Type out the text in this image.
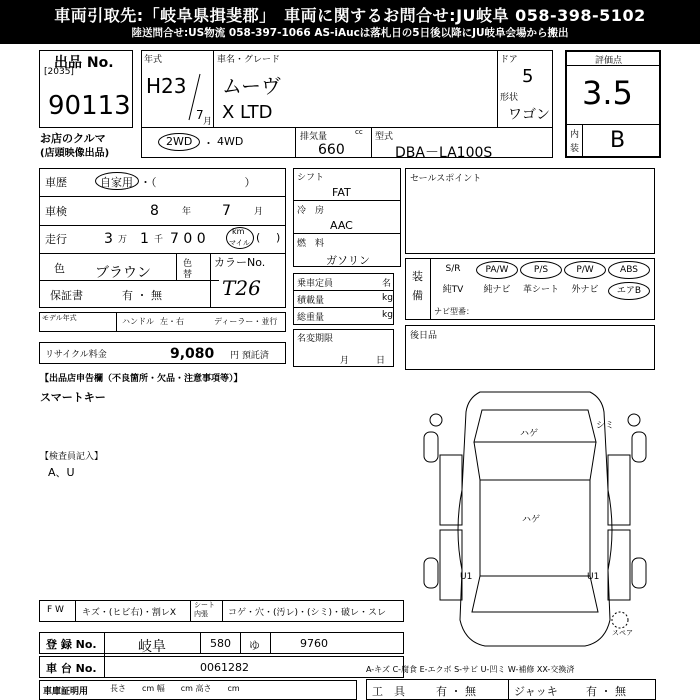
車両引取先:「岐阜県揖斐郡」　車両に関するお問合せ:JU岐阜 058-398-5102
陸送問合せ:US物流 058-397-1066 AS-iAucは落札日の5日後以降にJU岐阜会場から搬出
出品 No.
[2035]
90113
お店のクルマ
(店頭映像出品)
年式
H23
7 月
車名・グレード
ムーヴ
X LTD
ドア
5
形状
ワゴン
2WD ・ 4WD	排気量	cc
660
型式
DBA－LA100S
評価点
3.5
内
装 B
車歴	自家用 ・（　　　　　　　　）
車検	8	年 7	月
走行	3 万 1 千 7 0 0	km
マイル ( )
色 ブラウン
色
替
カラーNo.
T26
保証書	有 ・ 無
モデル年式	ハンドル 左・右	ディーラー・並行
シフト
FAT
冷　房
AAC
燃　料
ガソリン
セールスポイント
乗車定員	名
積載量	kg
総重量	kg
名変期限
月　　　日
装
備
S/R	PA/W	P/S	P/W	ABS
純TV	純ナビ	革シート	外ナビ	エアB
ナビ型番：
リサイクル料金	9,080 円 預託済
後日品
【出品店申告欄（不良箇所・欠品・注意事項等）】
スマートキー
【検査員記入】
A、U
ハゲ
シミ
ハゲ
U1	U1
スペア
F W キズ・(ヒビ右)・割レX
シート内張	コゲ・穴・(汚レ)・(シミ)・破レ・スレ
登 録 No.	岐阜	580 ゆ	9760
車 台 No.	0061282
車庫証明用	長さ　　cm 幅　　cm 高さ　　cm
A-キズ C-腐食 E-エクボ S-サビ U-凹ミ W-補修 XX-交換済
工　具	有 ・ 無	ジャッキ	有 ・ 無
